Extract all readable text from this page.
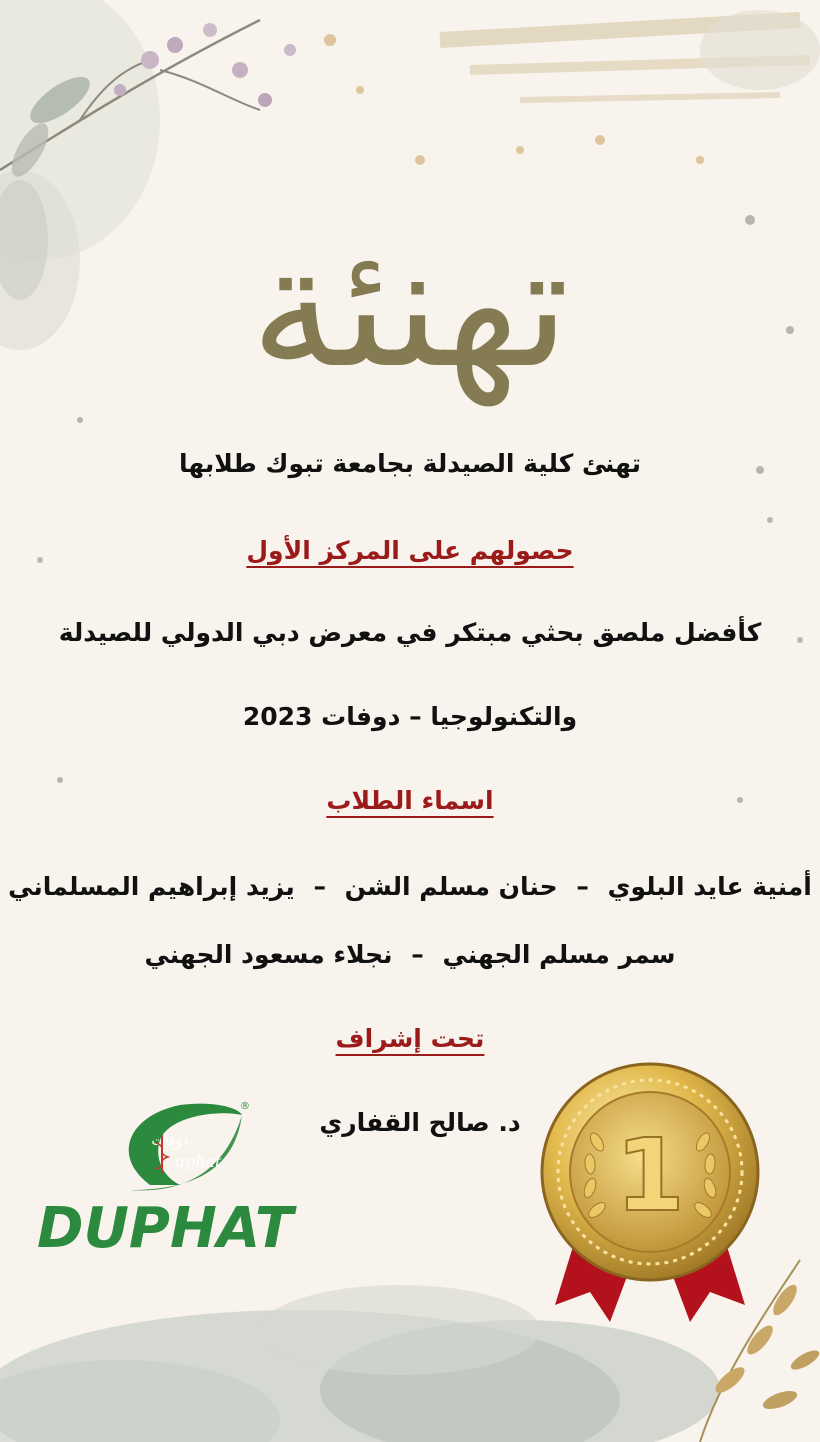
تهنئة
تهنئ كلية الصيدلة بجامعة تبوك طلابها
حصولهم على المركز الأول
كأفضل ملصق بحثي مبتكر في معرض دبي الدولي للصيدلة
والتكنولوجيا – دوفات 2023
اسماء الطلاب
أمنية عايد البلوي – حنان مسلم الشن – يزيد إبراهيم المسلماني
سمر مسلم الجهني – نجلاء مسعود الجهني
تحت إشراف
د. صالح القفاري
دوفات
uphat
®
DUPHAT	1
